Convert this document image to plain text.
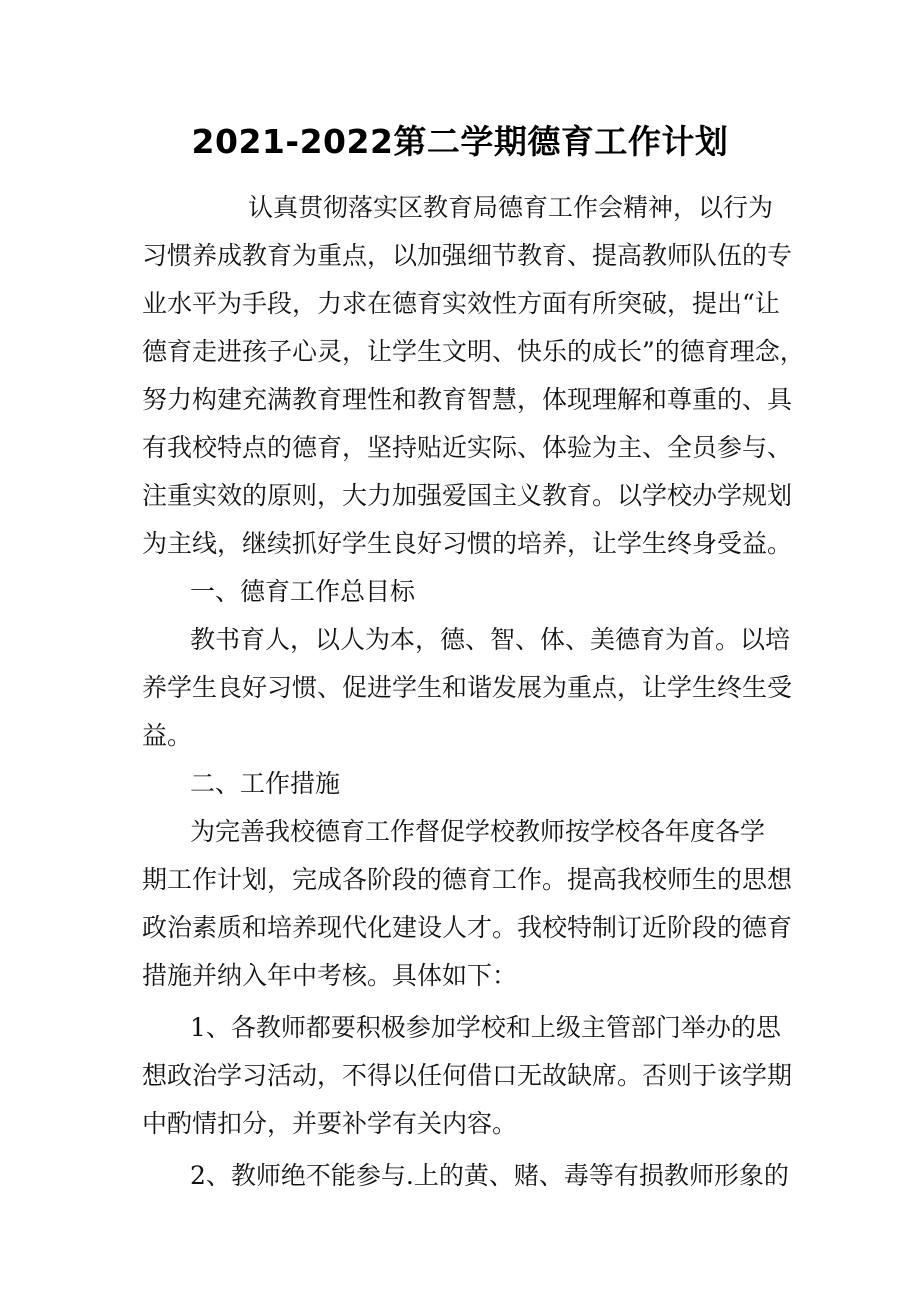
2021-2022第二学期德育工作计划
认真贯彻落实区教育局德育工作会精神，以行为
习惯养成教育为重点，以加强细节教育、提高教师队伍的专
业水平为手段，力求在德育实效性方面有所突破，提出“让
德育走进孩子心灵，让学生文明、快乐的成长”的德育理念，
努力构建充满教育理性和教育智慧，体现理解和尊重的、具
有我校特点的德育，坚持贴近实际、体验为主、全员参与、
注重实效的原则，大力加强爱国主义教育。以学校办学规划
为主线，继续抓好学生良好习惯的培养，让学生终身受益。
一、德育工作总目标
教书育人，以人为本，德、智、体、美德育为首。以培
养学生良好习惯、促进学生和谐发展为重点，让学生终生受
益。
二、工作措施
为完善我校德育工作督促学校教师按学校各年度各学
期工作计划，完成各阶段的德育工作。提高我校师生的思想
政治素质和培养现代化建设人才。我校特制订近阶段的德育
措施并纳入年中考核。具体如下：
1、各教师都要积极参加学校和上级主管部门举办的思
想政治学习活动，不得以任何借口无故缺席。否则于该学期
中酌情扣分，并要补学有关内容。
2、教师绝不能参与.上的黄、赌、毒等有损教师形象的
